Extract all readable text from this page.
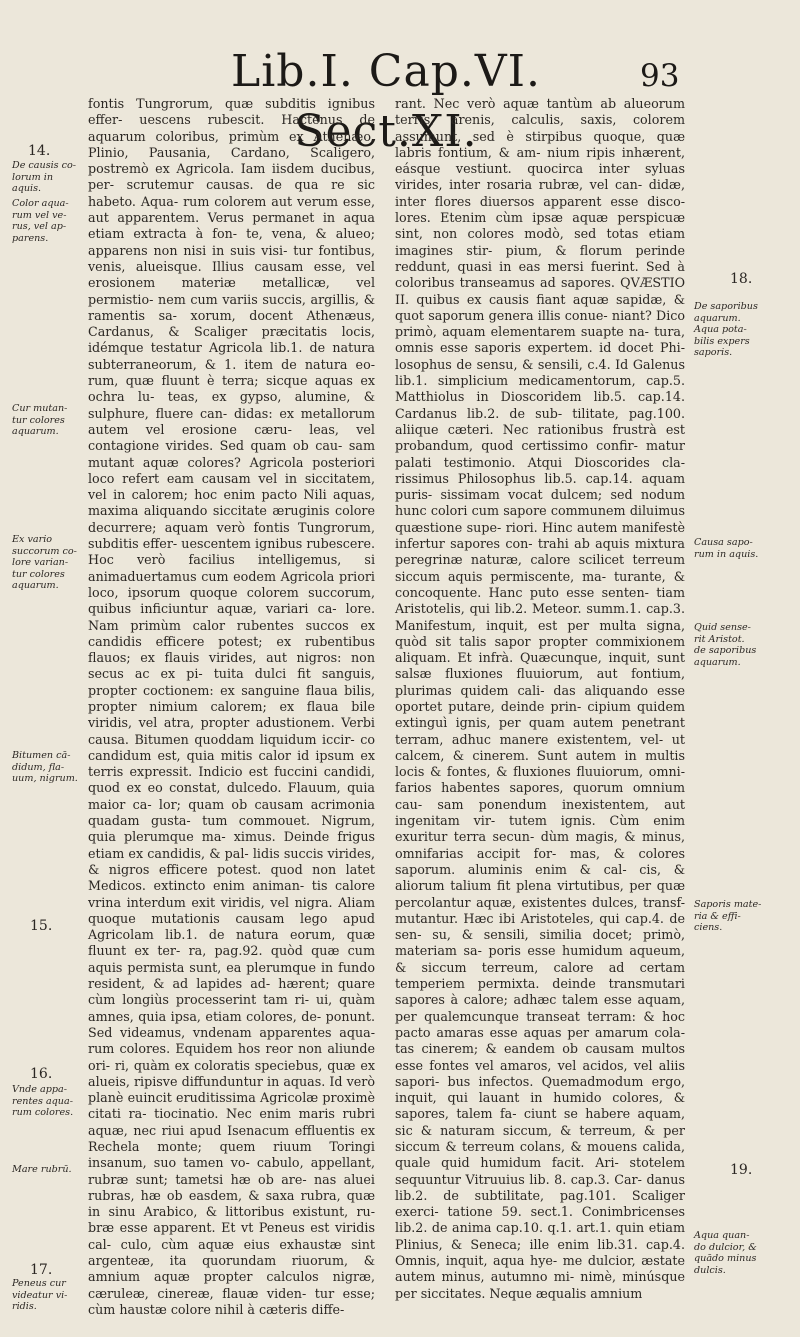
Lib.I. Cap.VI. Sect.XI.
93
14.
De causis co-
lorum in
aquis.
Color aqua-
rum vel ve-
rus, vel ap-
parens.
Cur mutan-
tur colores
aquarum.
Ex vario
succorum co-
lore varian-
tur colores
aquarum.
Bitumen cā-
didum, fla-
uum, nigrum.
15.
16.
Vnde appa-
rentes aqua-
rum colores.
Mare rubrū.
17.
Peneus cur
videatur vi-
ridis.

fontis Tungrorum, quæ subditis ignibus effer- uescens rubescit. Hactenus de aquarum coloribus, primùm ex Athenæo, Plinio, Pausania, Cardano, Scaligero, postremò ex Agricola. Iam iisdem ducibus, per- scrutemur causas. de qua re sic habeto. Aqua- rum colorem aut verum esse, aut apparentem. Verus permanet in aqua etiam extracta à fon- te, vena, & alueo; apparens non nisi in suis visi- tur fontibus, venis, aluei̇sque. Illius causam esse, vel erosionem materiæ metallicæ, vel permistio- nem cum variis succis, argillis, & ramentis sa- xorum, docent Athenæus, Cardanus, & Scaliger præcitatis locis, idémque testatur Agricola lib.1. de natura subterraneorum, & 1. item de natura eo- rum, quæ fluunt è terra; sicque aquas ex ochra lu- teas, ex gypso, alumine, & sulphure, fluere can- didas: ex metallorum autem vel erosione cæru- leas, vel contagione virides. Sed quam ob cau- sam mutant aquæ colores? Agricola posteriori loco refert eam causam vel in siccitatem, vel in calorem; hoc enim pacto Nili aquas, maxima aliquando siccitate æruginis colore decurrere; aquam verò fontis Tungrorum, subditis effer- uescentem ignibus rubescere. Hoc verò facilius intelligemus, si animaduertamus cum eodem Agricola priori loco, ipsorum quoque colorem succorum, quibus inficiuntur aquæ, variari ca- lore. Nam primùm calor rubentes succos ex candidis efficere potest; ex rubentibus flauos; ex flauis virides, aut nigros: non secus ac ex pi- tuita dulci fit sanguis, propter coctionem: ex sanguine flaua bilis, propter nimium calorem; ex flaua bile viridis, vel atra, propter adustionem. Verbi causa. Bitumen quoddam liquidum iccir- co candidum est, quia mitis calor id ipsum ex terris expressit. Indicio est fuccini candidi, quod ex eo constat, dulcedo. Flauum, quia maior ca- lor; quam ob causam acrimonia quadam gusta- tum commouet. Nigrum, quia plerumque ma- ximus. Deinde frigus etiam ex candidis, & pal- lidis succis virides, & nigros efficere potest. quod non latet Medicos. extincto enim animan- tis calore vrina interdum exit viridis, vel nigra. Aliam quoque mutationis causam lego apud Agricolam lib.1. de natura eorum, quæ fluunt ex ter- ra, pag.92. quòd quæ cum aquis permista sunt, ea plerumque in fundo resident, & ad lapides ad- hærent; quare cùm longiùs processerint tam ri- ui, quàm amnes, quia ipsa, etiam colores, de- ponunt. Sed videamus, vndenam apparentes aqua- rum colores. Equidem hos reor non aliunde ori- ri, quàm ex coloratis speciebus, quæ ex alueis, ripisve diffunduntur in aquas. Id verò planè euincit eruditissima Agricolæ proximè citati ra- tiocinatio. Nec enim maris rubri aquæ, nec riui apud Isenacum effluentis ex Rechela monte; quem riuum Toringi insanum, suo tamen vo- cabulo, appellant, rubræ sunt; tametsi hæ ob are- nas aluei rubras, hæ ob easdem, & saxa rubra, quæ in sinu Arabico, & littoribus existunt, ru- bræ esse apparent. Et vt Peneus est viridis cal- culo, cùm aquæ eius exhaustæ sint argenteæ, ita quorundam riuorum, & amnium aquæ propter calculos nigræ, cæruleæ, cinereæ, flauæ viden- tur esse; cùm haustæ colore nihil à cæteris diffe-

rant. Nec verò aquæ tantùm ab alueorum terris, arenis, calculis, saxis, colorem assumunt, sed è stirpibus quoque, quæ labris fontium, & am- nium ripis inhærent, eásque vestiunt. quocirca inter syluas virides, inter rosaria rubræ, vel can- didæ, inter flores diuersos apparent esse disco- lores. Etenim cùm ipsæ aquæ perspicuæ sint, non colores modò, sed totas etiam imagines stir- pium, & florum perinde reddunt, quasi in eas mersi fuerint. Sed à coloribus transeamus ad sapores. QVÆSTIO II. quibus ex causis fiant aquæ sapidæ, & quot saporum genera illis conue- niant? Dico primò, aquam elementarem suapte na- tura, omnis esse saporis expertem. id docet Phi- losophus de sensu, & sensili, c.4. Id Galenus lib.1. simplicium medicamentorum, cap.5. Matthiolus in Dioscoridem lib.5. cap.14. Cardanus lib.2. de sub- tilitate, pag.100. aliique cæteri. Nec rationibus frustrà est probandum, quod certissimo confir- matur palati testimonio. Atqui Dioscorides cla- rissimus Philosophus lib.5. cap.14. aquam puris- sissimam vocat dulcem; sed nodum hunc colori cum sapore communem diluimus quæstione supe- riori. Hinc autem manifestè infertur sapores con- trahi ab aquis mixtura peregrinæ naturæ, calore scilicet terreum siccum aquis permiscente, ma- turante, & concoquente. Hanc puto esse senten- tiam Aristotelis, qui lib.2. Meteor. summ.1. cap.3. Manifestum, inquit, est per multa signa, quòd sit talis sapor propter commixionem aliquam. Et infrà. Quæcunque, inquit, sunt salsæ fluxiones fluuiorum, aut fontium, plurimas quidem cali- das aliquando esse oportet putare, deinde prin- cipium quidem extinguì ignis, per quam autem penetrant terram, adhuc manere existentem, vel- ut calcem, & cinerem. Sunt autem in multis locis & fontes, & fluxiones fluuiorum, omni- farios habentes sapores, quorum omnium cau- sam ponendum inexistentem, aut ingenitam vir- tutem ignis. Cùm enim exuritur terra secun- dùm magis, & minus, omnifarias accipit for- mas, & colores saporum. aluminis enim & cal- cis, & aliorum talium fit plena virtutibus, per quæ percolantur aquæ, existentes dulces, transf- mutantur. Hæc ibi Aristoteles, qui cap.4. de sen- su, & sensili, similia docet; primò, materiam sa- poris esse humidum aqueum, & siccum terreum, calore ad certam temperiem permixta. deinde transmutari sapores à calore; adhæc talem esse aquam, per qualemcunque transeat terram: & hoc pacto amaras esse aquas per amarum cola- tas cinerem; & eandem ob causam multos esse fontes vel amaros, vel acidos, vel aliis sapori- bus infectos. Quemadmodum ergo, inquit, qui lauant in humido colores, & sapores, talem fa- ciunt se habere aquam, sic & naturam siccum, & terreum, & per siccum & terreum colans, & mouens calida, quale quid humidum facit. Ari- stotelem sequuntur Vitruuius lib. 8. cap.3. Car- danus lib.2. de subtilitate, pag.101. Scaliger exerci- tatione 59. sect.1. Conimbricenses lib.2. de anima cap.10. q.1. art.1. quin etiam Plinius, & Seneca; ille enim lib.31. cap.4. Omnis, inquit, aqua hye- me dulcior, æstate autem minus, autumno mi- nimè, minúsque per siccitates. Neque æqualis amnium

18.
De saporibus
aquarum.
Aqua pota-
bilis expers
saporis.
Causa sapo-
rum in aquis.
Quid sense-
rit Aristot.
de saporibus
aquarum.
Saporis mate-
ria & effi-
ciens.
19.
Aqua quan-
do dulcior, &
quādo minus
dulcis.
